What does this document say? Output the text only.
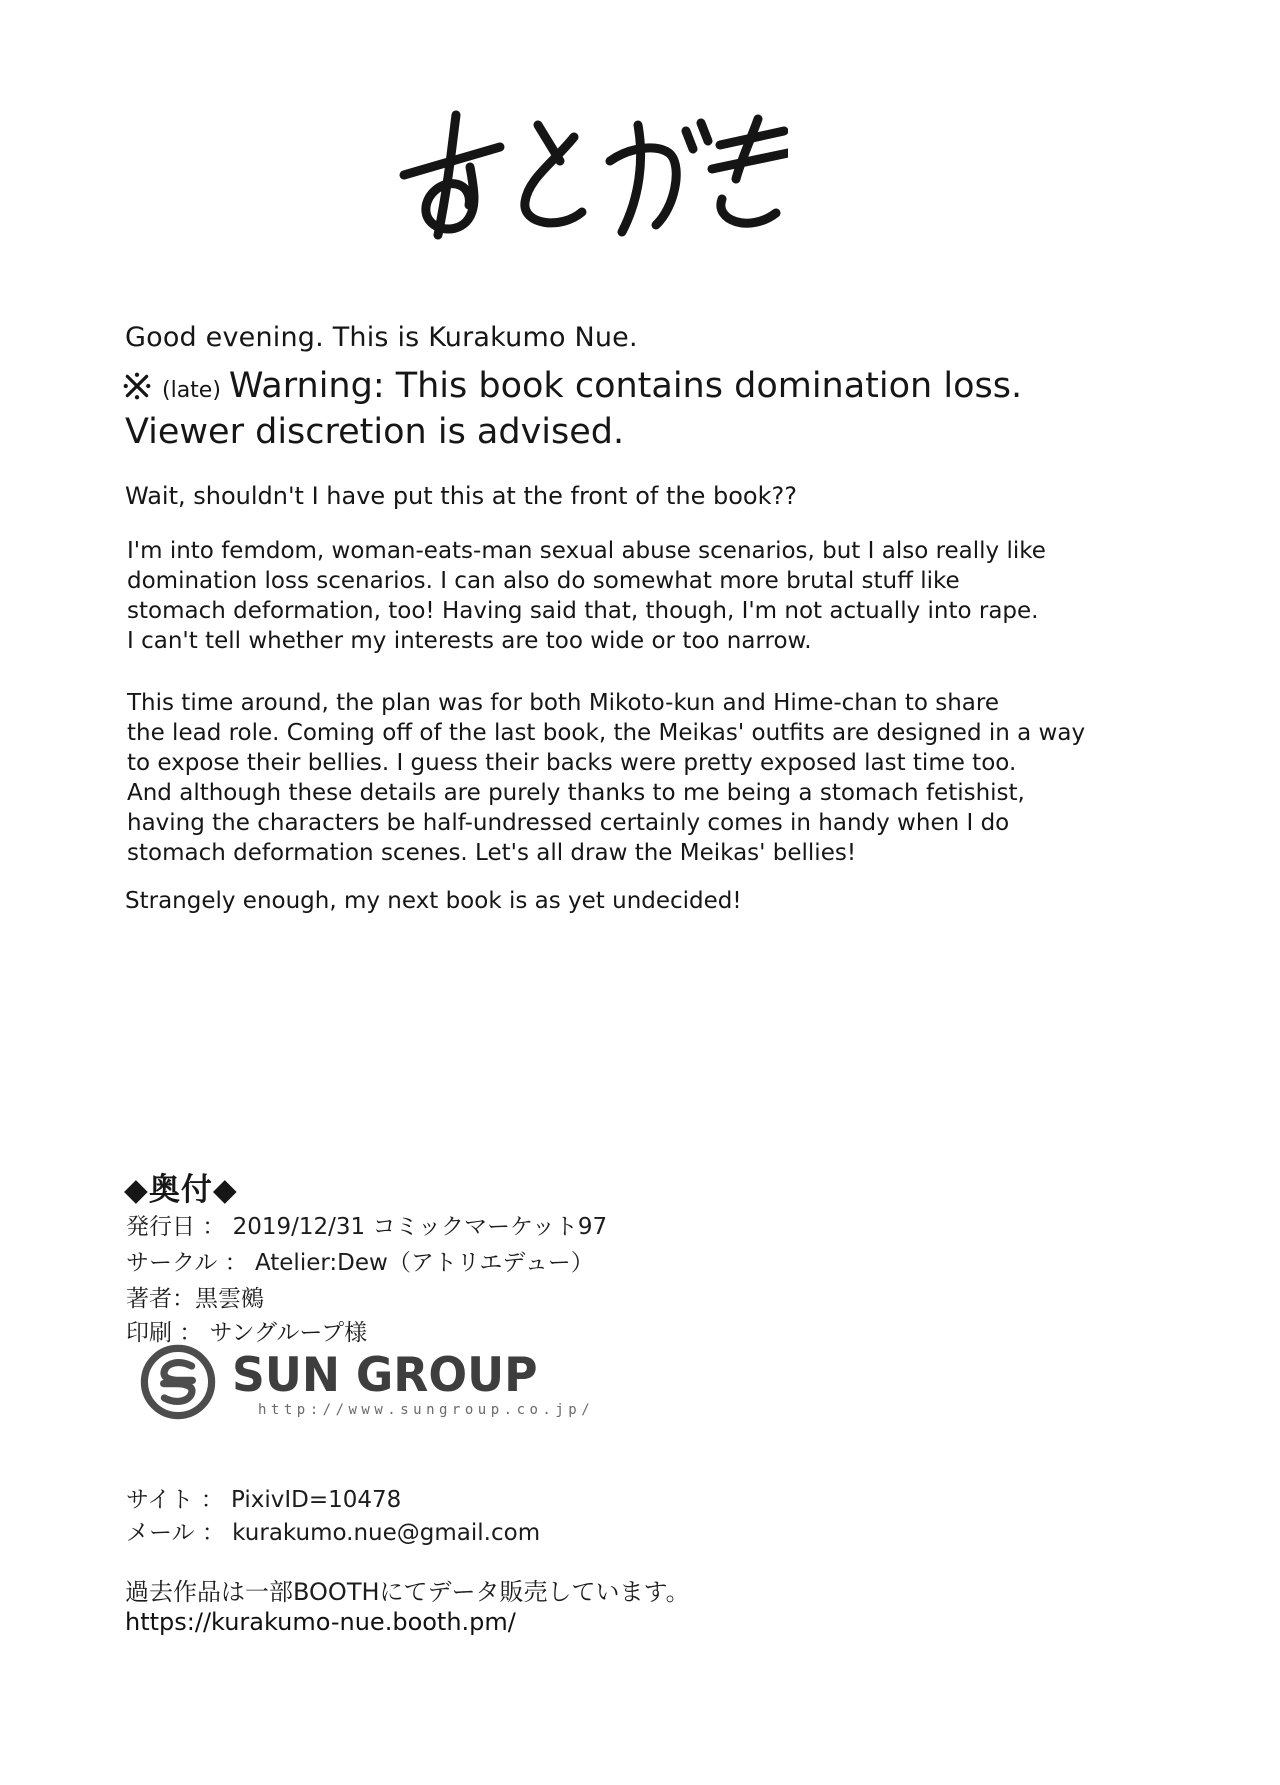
Good evening. This is Kurakumo Nue.

(late) Warning: This book contains domination loss.

Viewer discretion is advised.

Wait, shouldn't I have put this at the front of the book??

I'm into femdom, woman-eats-man sexual abuse scenarios, but I also really like
domination loss scenarios. I can also do somewhat more brutal stuff like
stomach deformation, too! Having said that, though, I'm not actually into rape.
I can't tell whether my interests are too wide or too narrow.
This time around, the plan was for both Mikoto-kun and Hime-chan to share
the lead role. Coming off of the last book, the Meikas' outfits are designed in a way
to expose their bellies. I guess their backs were pretty exposed last time too.
And although these details are purely thanks to me being a stomach fetishist,
having the characters be half-undressed certainly comes in handy when I do
stomach deformation scenes. Let's all draw the Meikas' bellies!

Strangely enough, my next book is as yet undecided!

◆奥付◆
発行日 ： 2019/12/31 コミックマーケット97
サークル ： Atelier:Dew（アトリエデュー）
著者：黒雲鵺
印刷 ： サングループ様
SUN GROUP
http://www.sungroup.co.jp/
サイト ： PixivID=10478
メール ： kurakumo.nue@gmail.com

過去作品は一部BOOTHにてデータ販売しています。

https://kurakumo-nue.booth.pm/
